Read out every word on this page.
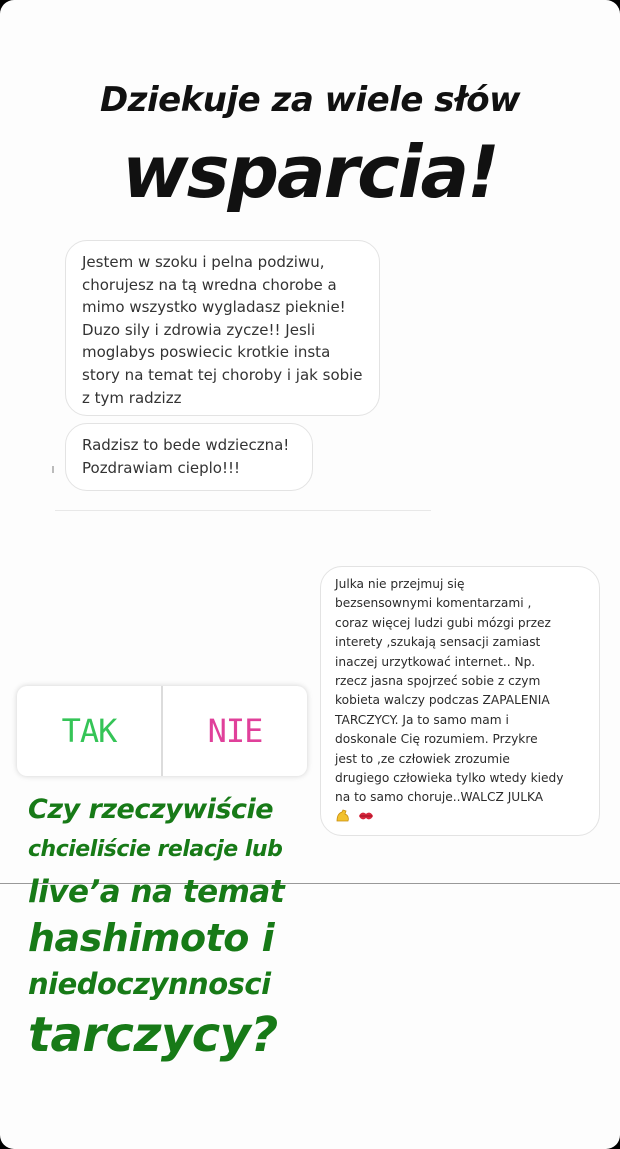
Dziekuje za wiele słów
wsparcia!
Jestem w szoku i pelna podziwu,
chorujesz na tą wredna chorobe a
mimo wszystko wygladasz pieknie!
Duzo sily i zdrowia zycze!! Jesli
moglabys poswiecic krotkie insta
story na temat tej choroby i jak sobie
z tym radzizz
Radzisz to bede wdzieczna!
Pozdrawiam cieplo!!!
Julka nie przejmuj się
bezsensownymi komentarzami ,
coraz więcej ludzi gubi mózgi przez
interety ,szukają sensacji zamiast
inaczej urzytkować internet.. Np.
rzecz jasna spojrzeć sobie z czym
kobieta walczy podczas ZAPALENIA
TARCZYCY. Ja to samo mam i
doskonale Cię rozumiem. Przykre
jest to ,ze człowiek zrozumie
drugiego człowieka tylko wtedy kiedy
na to samo choruje..WALCZ JULKA

TAK	NIE
Czy rzeczywiście
chcieliście relacje lub
live’a na temat
hashimoto i
niedoczynnosci
tarczycy?
